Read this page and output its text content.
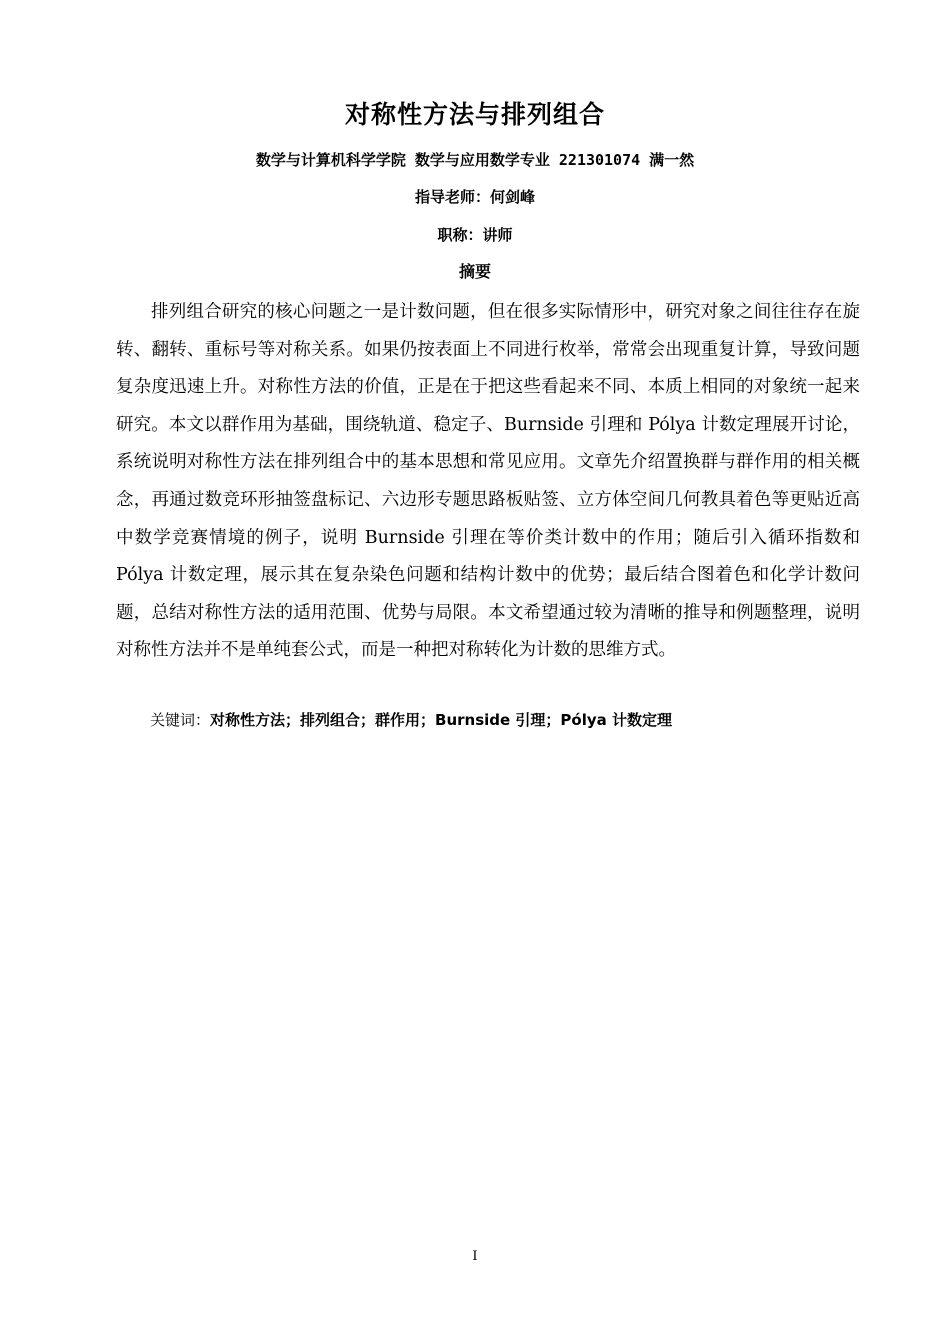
对称性方法与排列组合
数学与计算机科学学院 数学与应用数学专业 221301074 满一然
指导老师：何剑峰
职称：讲师
摘要

排列组合研究的核心问题之一是计数问题，但在很多实际情形中，研究对象之间往往存在旋转、翻转、重标号等对称关系。如果仍按表面上不同进行枚举，常常会出现重复计算，导致问题复杂度迅速上升。对称性方法的价值，正是在于把这些看起来不同、本质上相同的对象统一起来研究。本文以群作用为基础，围绕轨道、稳定子、Burnside 引理和 Pólya 计数定理展开讨论，系统说明对称性方法在排列组合中的基本思想和常见应用。文章先介绍置换群与群作用的相关概念，再通过数竞环形抽签盘标记、六边形专题思路板贴签、立方体空间几何教具着色等更贴近高中数学竞赛情境的例子，说明 Burnside 引理在等价类计数中的作用；随后引入循环指数和 Pólya 计数定理，展示其在复杂染色问题和结构计数中的优势；最后结合图着色和化学计数问题，总结对称性方法的适用范围、优势与局限。本文希望通过较为清晰的推导和例题整理，说明对称性方法并不是单纯套公式，而是一种把对称转化为计数的思维方式。

关键词：对称性方法；排列组合；群作用；Burnside 引理；Pólya 计数定理
I
